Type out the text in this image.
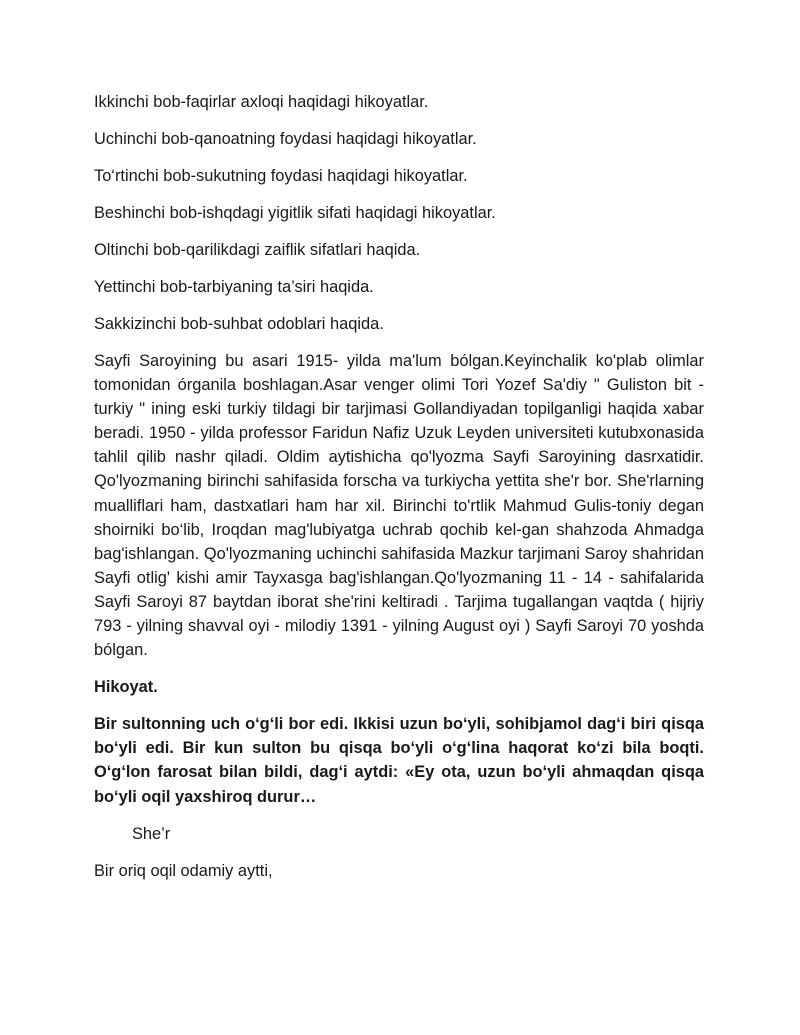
Ikkinchi bob-faqirlar axloqi haqidagi hikoyatlar.

Uchinchi bob-qanoatning foydasi haqidagi hikoyatlar.

To‘rtinchi bob-sukutning foydasi haqidagi hikoyatlar.

Beshinchi bob-ishqdagi yigitlik sifati haqidagi hikoyatlar.

Oltinchi bob-qarilikdagi zaiflik sifatlari haqida.

Yettinchi bob-tarbiyaning ta’siri haqida.

Sakkizinchi bob-suhbat odoblari haqida.

Sayfi Saroyining bu asari 1915- yilda ma'lum bólgan.Keyinchalik ko'plab olimlar tomonidan órganila boshlagan.Asar venger olimi Tori Yozef Sa'diy " Guliston bit - turkiy " ining eski turkiy tildagi bir tarjimasi Gollandiyadan topilganligi haqida xabar beradi. 1950 - yilda professor Faridun Nafiz Uzuk Leyden universiteti kutubxonasida tahlil qilib nashr qiladi. Oldim aytishicha qo'lyozma Sayfi Saroyining dasrxatidir. Qo'lyozmaning birinchi sahifasida forscha va turkiycha yettita she'r bor. She'rlarning mualliflari ham, dastxatlari ham har xil. Birinchi to'rtlik Mahmud Gulis-toniy degan shoirniki bo‘lib, Iroqdan mag'lubiyatga uchrab qochib kel-gan shahzoda Ahmadga bag'ishlangan. Qo'lyozmaning uchinchi sahifasida Mazkur tarjimani Saroy shahridan Sayfi otlig' kishi amir Tayxasga bag'ishlangan.Qo'lyozmaning 11 - 14 - sahifalarida Sayfi Saroyi 87 baytdan iborat she'rini keltiradi . Tarjima tugallangan vaqtda ( hijriy 793 - yilning shavval oyi - milodiy 1391 - yilning August oyi ) Sayfi Saroyi 70 yoshda bólgan.

Hikoyat.

Bir sultonning uch o‘g‘li bor edi. Ikkisi uzun bo‘yli, sohibjamol dag‘i biri qisqa bo‘yli edi. Bir kun sulton bu qisqa bo‘yli o‘g‘lina haqorat ko‘zi bila boqti. O‘g‘lon farosat bilan bildi, dag‘i aytdi: «Ey ota, uzun bo‘yli ahmaqdan qisqa bo‘yli oqil yaxshiroq durur…

She’r

Bir oriq oqil odamiy aytti,
